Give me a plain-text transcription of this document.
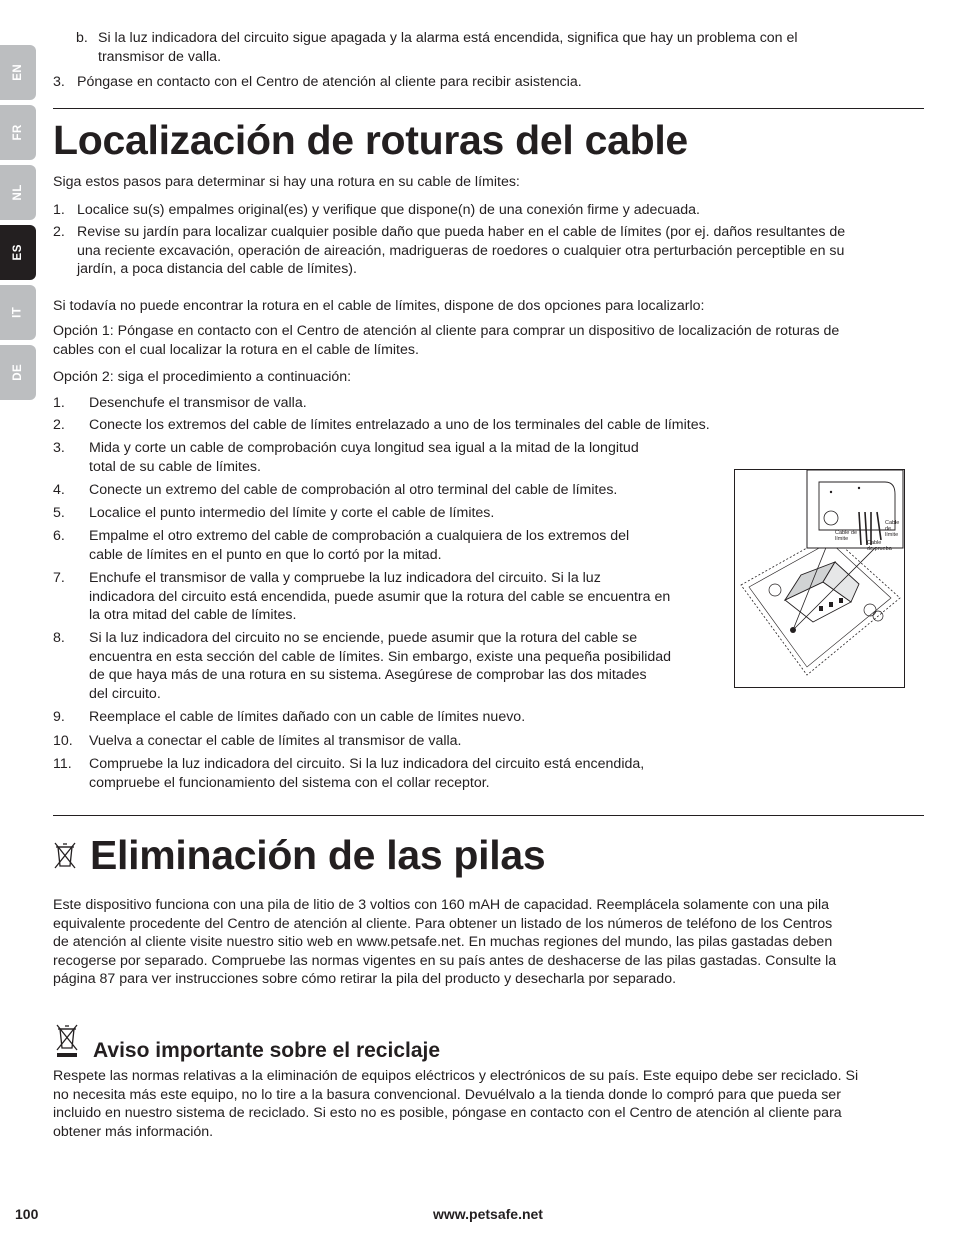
EN
FR
NL
ES
IT
DE
b. Si la luz indicadora del circuito sigue apagada y la alarma está encendida, significa que hay un problema con el
transmisor de valla.
3. Póngase en contacto con el Centro de atención al cliente para recibir asistencia.
Localización de roturas del cable
Siga estos pasos para determinar si hay una rotura en su cable de límites:
1. Localice su(s) empalmes original(es) y verifique que dispone(n) de una conexión firme y adecuada.
2. Revise su jardín para localizar cualquier posible daño que pueda haber en el cable de límites (por ej. daños resultantes de
una reciente excavación, operación de aireación, madrigueras de roedores o cualquier otra perturbación perceptible en su
jardín, a poca distancia del cable de límites).
Si todavía no puede encontrar la rotura en el cable de límites, dispone de dos opciones para localizarlo:
Opción 1: Póngase en contacto con el Centro de atención al cliente para comprar un dispositivo de localización de roturas de
cables con el cual localizar la rotura en el cable de límites.
Opción 2: siga el procedimiento a continuación:
1.	Desenchufe el transmisor de valla.
2.	Conecte los extremos del cable de límites entrelazado a uno de los terminales del cable de límites.
3.	Mida y corte un cable de comprobación cuya longitud sea igual a la mitad de la longitud
total de su cable de límites.
4.	Conecte un extremo del cable de comprobación al otro terminal del cable de límites.
5.	Localice el punto intermedio del límite y corte el cable de límites.
6.	Empalme el otro extremo del cable de comprobación a cualquiera de los extremos del
cable de límites en el punto en que lo cortó por la mitad.
7.	Enchufe el transmisor de valla y compruebe la luz indicadora del circuito. Si la luz
indicadora del circuito está encendida, puede asumir que la rotura del cable se encuentra en
la otra mitad del cable de límites.
8.	Si la luz indicadora del circuito no se enciende, puede asumir que la rotura del cable se
encuentra en esta sección del cable de límites. Sin embargo, existe una pequeña posibilidad
de que haya más de una rotura en su sistema. Asegúrese de comprobar las dos mitades
del circuito.
9.	Reemplace el cable de límites dañado con un cable de límites nuevo.
10.	Vuelva a conectar el cable de límites al transmisor de valla.
11.	Compruebe la luz indicadora del circuito. Si la luz indicadora del circuito está encendida,
compruebe el funcionamiento del sistema con el collar receptor.
Cable de
límite
Cable de
límite
Cable
de prueba
Eliminación de las pilas
Este dispositivo funciona con una pila de litio de 3 voltios con 160 mAH de capacidad. Reemplácela solamente con una pila
equivalente procedente del Centro de atención al cliente. Para obtener un listado de los números de teléfono de los Centros
de atención al cliente visite nuestro sitio web en www.petsafe.net. En muchas regiones del mundo, las pilas gastadas deben
recogerse por separado. Compruebe las normas vigentes en su país antes de deshacerse de las pilas gastadas. Consulte la
página 87 para ver instrucciones sobre cómo retirar la pila del producto y desecharla por separado.
Aviso importante sobre el reciclaje
Respete las normas relativas a la eliminación de equipos eléctricos y electrónicos de su país. Este equipo debe ser reciclado. Si
no necesita más este equipo, no lo tire a la basura convencional. Devuélvalo a la tienda donde lo compró para que pueda ser
incluido en nuestro sistema de reciclado. Si esto no es posible, póngase en contacto con el Centro de atención al cliente para
obtener más información.
100	www.petsafe.net
